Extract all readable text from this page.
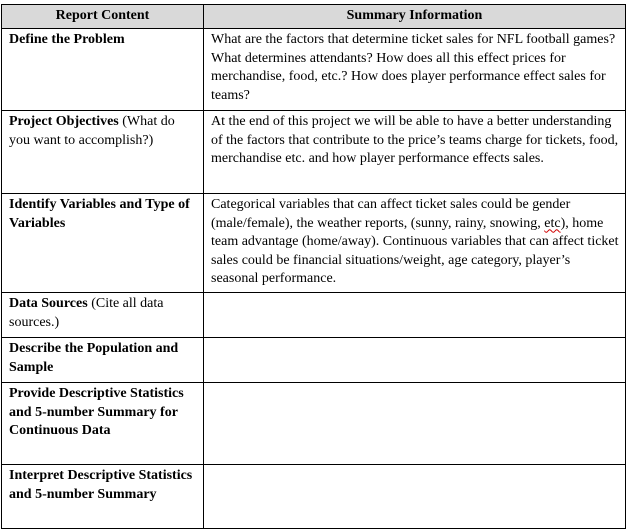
Report Content	Summary Information
Define the Problem	What are the factors that determine ticket sales for NFL football games? What determines attendants? How does all this effect prices for merchandise, food, etc.? How does player performance effect sales for teams?
Project Objectives (What do you want to accomplish?)	At the end of this project we will be able to have a better understanding of the factors that contribute to the price’s teams charge for tickets, food, merchandise etc. and how player performance effects sales.
Identify Variables and Type of Variables	Categorical variables that can affect ticket sales could be gender (male/female), the weather reports, (sunny, rainy, snowing, etc), home team advantage (home/away). Continuous variables that can affect ticket sales could be financial situations/weight, age category, player’s seasonal performance.
Data Sources (Cite all data sources.)	
Describe the Population and Sample	
Provide Descriptive Statistics and 5-number Summary for Continuous Data	
Interpret Descriptive Statistics and 5-number Summary	
